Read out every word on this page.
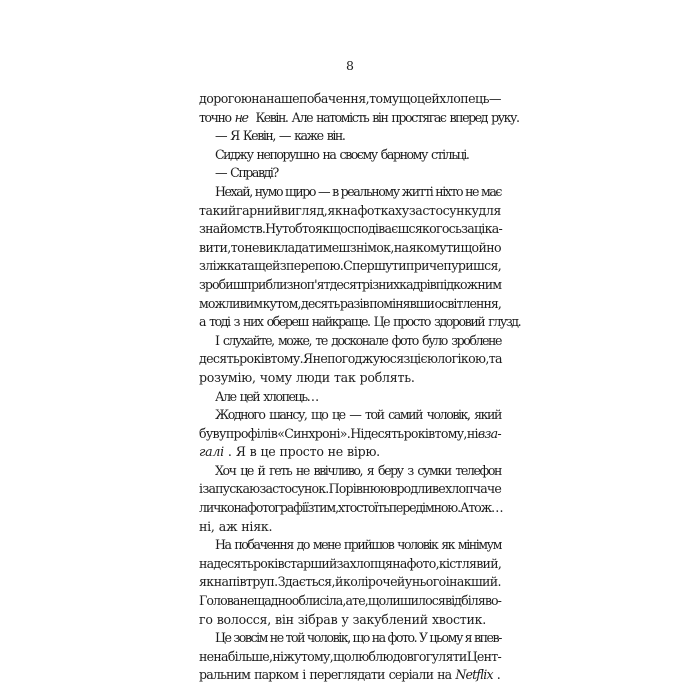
8
дорогою на наше побачення, тому що цей хлопець —
точно не Кевін. Але натомість він простягає вперед руку.
— Я Кевін, — каже він.
Сиджу непорушно на своєму барному стільці.
— Справді?
Нехай, нумо щиро — в реальному житті ніхто не має
такий гарний вигляд, як на фотках у застосунку для
знайомств. Ну тобто якщо сподіваєшся когось зацiка-
вити, то не викладатимеш знімок, на якому ти щойно
з ліжка та ще й з перепою. Спершу ти причепуришся,
зробиш приблизно п'ятдесят різних кадрів під кожним
можливим кутом, десять разів помінявши освітлення,
а тоді з них обереш найкраще. Це просто здоровий глузд.
І слухайте, може, те досконале фото було зроблене
десять років тому. Я не погоджуюся з цією логікою, та
розумію, чому люди так роблять.
Але цей хлопець…
Жодного шансу, що це — той самий чоловік, який
був у профілі в «Синхроні». Ні десять років тому, ні вза-
галі . Я в це просто не вірю.
Хоч це й геть не ввічливо, я беру з сумки телефон
і запускаю застосунок. Порівнюю вродливе хлопчаче
личко на фотографії з тим, хто стоїть переді мною. Атож…
ні, аж ніяк.
На побачення до мене прийшов чоловік як мінімум
на десять років старший за хлопця на фото, кістлявий,
як напівтруп. Здається, й колір очей у нього інакший.
Голова нещадно облисіла, а те, що лишилося від біляво-
го волосся, він зібрав у закублений хвостик.
Це зовсім не той чоловік, що на фото. У цьому я впев-
нена більше, ніж у тому, що люблю довго гуляти Цент-
ральним парком і переглядати серіали на Netflix .
